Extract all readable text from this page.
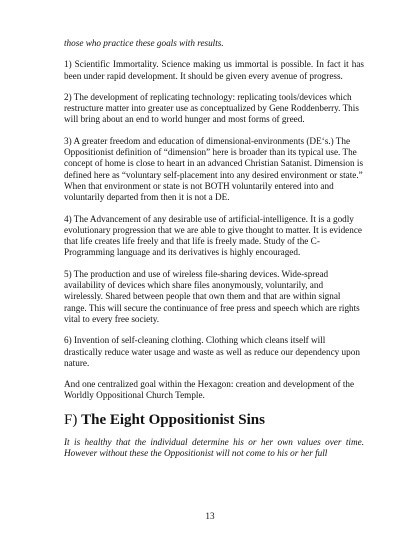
those who practice these goals with results.

1) Scientific Immortality. Science making us immortal is possible. In fact it has been under rapid development. It should be given every avenue of progress.

2) The development of replicating technology: replicating tools/devices which restructure matter into greater use as conceptualized by Gene Roddenberry. This will bring about an end to world hunger and most forms of greed.

3) A greater freedom and education of dimensional-environments (DE‘s.) The Oppositionist definition of “dimension” here is broader than its typical use. The concept of home is close to heart in an advanced Christian Satanist. Dimension is defined here as “voluntary self-placement into any desired environment or state.” When that environment or state is not BOTH voluntarily entered into and voluntarily departed from then it is not a DE.

4) The Advancement of any desirable use of artificial-intelligence. It is a godly evolutionary progression that we are able to give thought to matter. It is evidence that life creates life freely and that life is freely made. Study of the C-Programming language and its derivatives is highly encouraged.

5) The production and use of wireless file-sharing devices. Wide-spread availability of devices which share files anonymously, voluntarily, and wirelessly. Shared between people that own them and that are within signal range. This will secure the continuance of free press and speech which are rights vital to every free society.

6) Invention of self-cleaning clothing. Clothing which cleans itself will drastically reduce water usage and waste as well as reduce our dependency upon nature.

And one centralized goal within the Hexagon: creation and development of the Worldly Oppositional Church Temple.

F) The Eight Oppositionist Sins

It is healthy that the individual determine his or her own values over time. However without these the Oppositionist will not come to his or her full

13
